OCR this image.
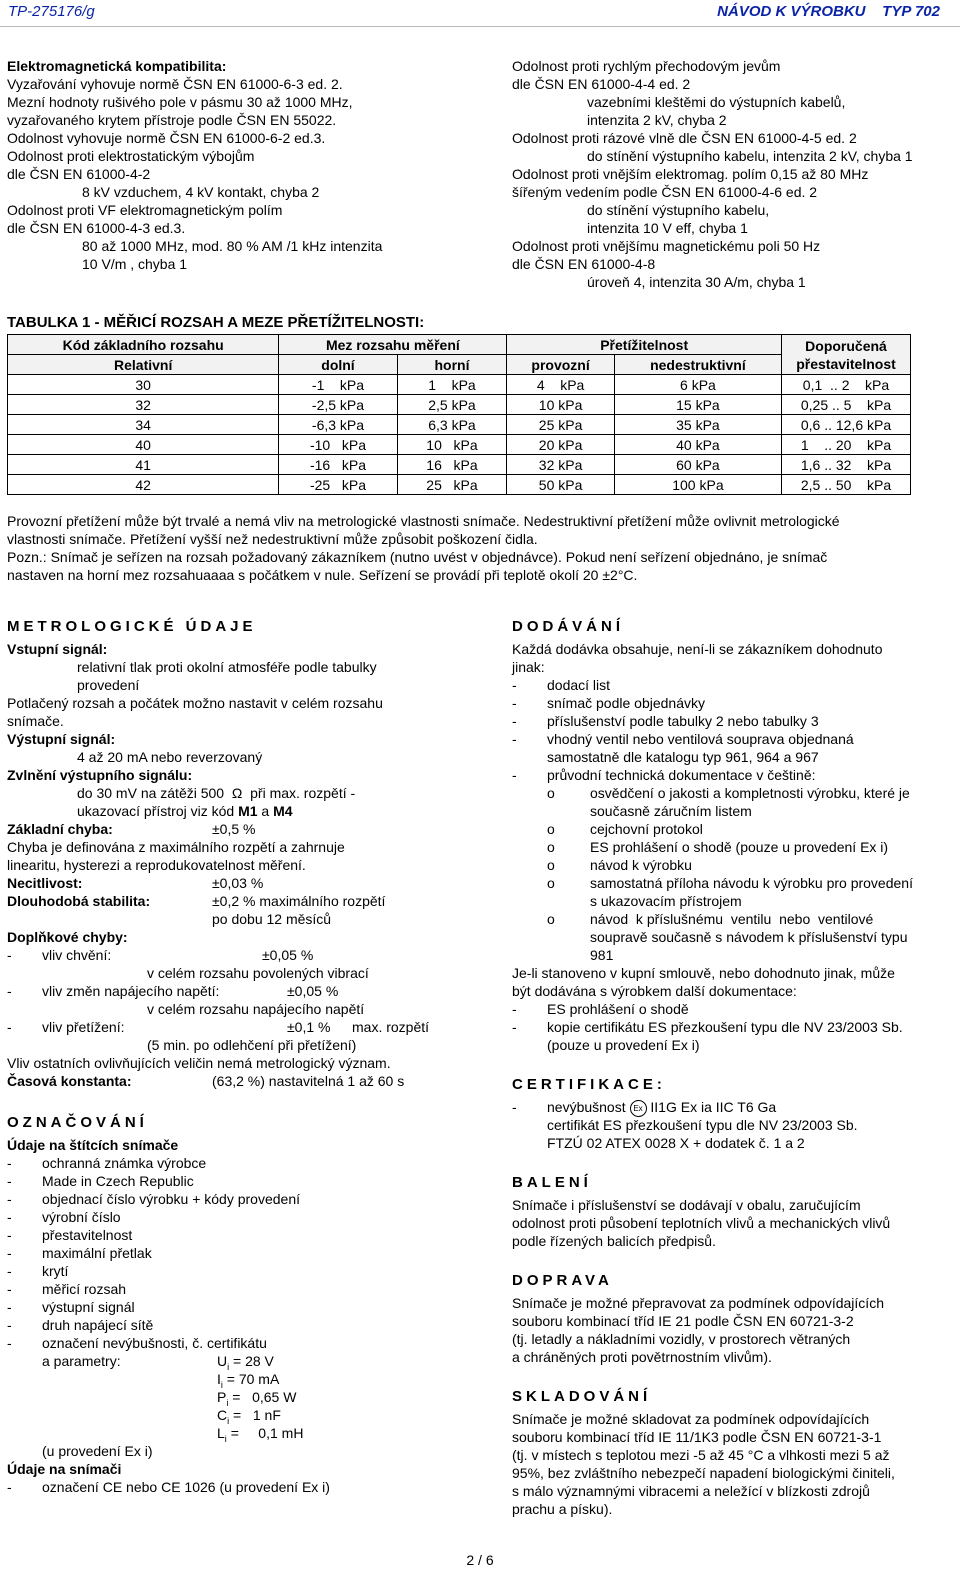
TP-275176/g	NÁVOD K VÝROBKU    TYP 702
Elektromagnetická kompatibilita:
Vyzařování vyhovuje normě ČSN EN 61000-6-3 ed. 2.
Mezní hodnoty rušivého pole v pásmu 30 až 1000 MHz,
vyzařovaného krytem přístroje podle ČSN EN 55022.
Odolnost vyhovuje normě ČSN EN 61000-6-2 ed.3.
Odolnost proti elektrostatickým výbojům
dle ČSN EN 61000-4-2
8 kV vzduchem, 4 kV kontakt, chyba 2
Odolnost proti VF elektromagnetickým polím
dle ČSN EN 61000-4-3 ed.3.
80 až 1000 MHz, mod. 80 % AM /1 kHz intenzita
10 V/m , chyba 1
Odolnost proti rychlým přechodovým jevům
dle ČSN EN 61000-4-4 ed. 2
vazebními kleštěmi do výstupních kabelů,
intenzita 2 kV, chyba 2
Odolnost proti rázové vlně dle ČSN EN 61000-4-5 ed. 2
do stínění výstupního kabelu, intenzita 2 kV, chyba 1
Odolnost proti vnějším elektromag. polím 0,15 až 80 MHz
šířeným vedením podle ČSN EN 61000-4-6 ed. 2
do stínění výstupního kabelu,
intenzita 10 V eff, chyba 1
Odolnost proti vnějšímu magnetickému poli 50 Hz
dle ČSN EN 61000-4-8
úroveň 4, intenzita 30 A/m, chyba 1
TABULKA 1 - MĚŘICÍ ROZSAH A MEZE PŘETÍŽITELNOSTI:
Kód základního rozsahu	Mez rozsahu měření		Přetížitelnost		Doporučená přestavitelnost
Relativní	dolní	horní	provozní	nedestruktivní	
30	-1    kPa	1    kPa	4    kPa	6 kPa	0,1  .. 2    kPa
32	-2,5 kPa	2,5 kPa	10 kPa	15 kPa	0,25 .. 5    kPa
34	-6,3 kPa	6,3 kPa	25 kPa	35 kPa	0,6 .. 12,6 kPa
40	-10   kPa	10   kPa	20 kPa	40 kPa	1    .. 20    kPa
41	-16   kPa	16   kPa	32 kPa	60 kPa	1,6 .. 32    kPa
42	-25   kPa	25   kPa	50 kPa	100 kPa	2,5 .. 50    kPa
Provozní přetížení může být trvalé a nemá vliv na metrologické vlastnosti snímače. Nedestruktivní přetížení může ovlivnit metrologické
vlastnosti snímače. Přetížení vyšší než nedestruktivní může způsobit poškození čidla.
Pozn.: Snímač je seřízen na rozsah požadovaný zákazníkem (nutno uvést v objednávce). Pokud není seřízení objednáno, je snímač
nastaven na horní mez rozsahuaaaa s počátkem v nule. Seřízení se provádí při teplotě okolí 20 ±2°C.
METROLOGICKÉ ÚDAJE
Vstupní signál:
relativní tlak proti okolní atmosféře podle tabulky
provedení
Potlačený rozsah a počátek možno nastavit v celém rozsahu
snímače.
Výstupní signál:
4 až 20 mA nebo reverzovaný
Zvlnění výstupního signálu:
do 30 mV na zátěži 500  Ω  při max. rozpětí -
ukazovací přístroj viz kód M1 a M4
Základní chyba:	±0,5 %
Chyba je definována z maximálního rozpětí a zahrnuje
linearitu, hysterezi a reprodukovatelnost měření.
Necitlivost:	±0,03 %
Dlouhodobá stabilita:	±0,2 % maximálního rozpětí
po dobu 12 měsíců
Doplňkové chyby:
- vliv chvění:	±0,05 %
v celém rozsahu povolených vibrací
- vliv změn napájecího napětí:	±0,05 %
v celém rozsahu napájecího napětí
- vliv přetížení:	±0,1 % max. rozpětí
(5 min. po odlehčení při přetížení)
Vliv ostatních ovlivňujících veličin nemá metrologický význam.
Časová konstanta:	(63,2 %) nastavitelná 1 až 60 s
OZNAČOVÁNÍ
Údaje na štítcích snímače
- ochranná známka výrobce
- Made in Czech Republic
- objednací číslo výrobku + kódy provedení
- výrobní číslo
- přestavitelnost
- maximální přetlak
- krytí
- měřicí rozsah
- výstupní signál
- druh napájecí sítě
- označení nevýbušnosti, č. certifikátu
a parametry:	$U_i = 28$ V
$I_i = 70$ mA
$P_i = 0,65$ W
$C_i = 1$ nF
$L_i$ =     0,1 mH
(u provedení Ex i)
Údaje na snímači
- označení CE nebo CE 1026 (u provedení Ex i)
DODÁVÁNÍ
Každá dodávka obsahuje, není-li se zákazníkem dohodnuto
jinak:
- dodací list
- snímač podle objednávky
- příslušenství podle tabulky 2 nebo tabulky 3
- vhodný ventil nebo ventilová souprava objednaná
samostatně dle katalogu typ 961, 964 a 967
- průvodní technická dokumentace v češtině:
o	osvědčení o jakosti a kompletnosti výrobku, které je
současně záručním listem
o	cejchovní protokol
o	ES prohlášení o shodě (pouze u provedení Ex i)
o	návod k výrobku
o	samostatná příloha návodu k výrobku pro provedení
s ukazovacím přístrojem
o	návod  k příslušnému  ventilu  nebo  ventilové
soupravě současně s návodem k příslušenství typu
981
Je-li stanoveno v kupní smlouvě, nebo dohodnuto jinak, může
být dodávána s výrobkem další dokumentace:
- ES prohlášení o shodě
- kopie certifikátu ES přezkoušení typu dle NV 23/2003 Sb.
(pouze u provedení Ex i)
CERTIFIKACE:
- nevýbušnost Ex II1G Ex ia IIC T6 Ga
certifikát ES přezkoušení typu dle NV 23/2003 Sb.
FTZÚ 02 ATEX 0028 X + dodatek č. 1 a 2
BALENÍ
Snímače i příslušenství se dodávají v obalu, zaručujícím
odolnost proti působení teplotních vlivů a mechanických vlivů
podle řízených balicích předpisů.
DOPRAVA
Snímače je možné přepravovat za podmínek odpovídajících
souboru kombinací tříd IE 21 podle ČSN EN 60721-3-2
(tj. letadly a nákladními vozidly, v prostorech větraných
a chráněných proti povětrnostním vlivům).
SKLADOVÁNÍ
Snímače je možné skladovat za podmínek odpovídajících
souboru kombinací tříd IE 11/1K3 podle ČSN EN 60721-3-1
(tj. v místech s teplotou mezi -5 až 45 °C a vlhkosti mezi 5 až
95%, bez zvláštního nebezpečí napadení biologickými činiteli,
s málo významnými vibracemi a neležící v blízkosti zdrojů
prachu a písku).
2 / 6
